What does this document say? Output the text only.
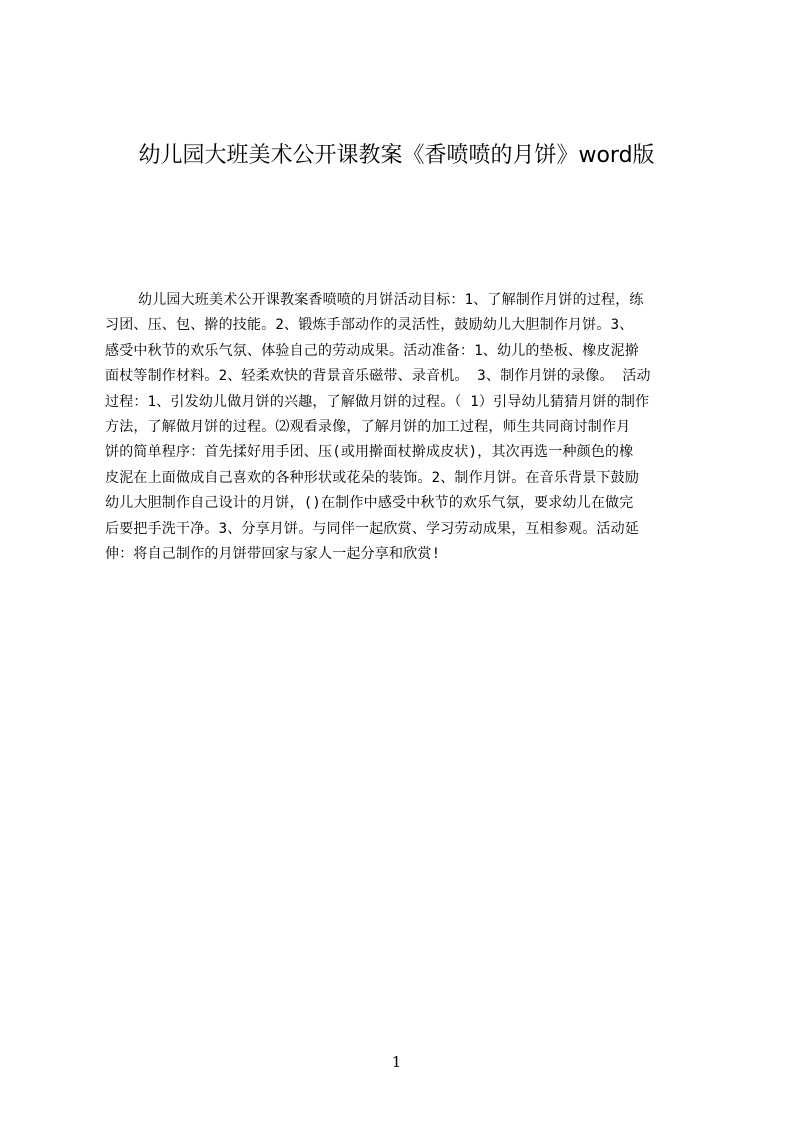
幼儿园大班美术公开课教案《香喷喷的月饼》word版
幼儿园大班美术公开课教案香喷喷的月饼活动目标：1、了解制作月饼的过程，练
习团、压、包、擀的技能。2、锻炼手部动作的灵活性，鼓励幼儿大胆制作月饼。3、
感受中秋节的欢乐气氛、体验自己的劳动成果。活动准备：1、幼儿的垫板、橡皮泥擀
面杖等制作材料。2、轻柔欢快的背景音乐磁带、录音机。 3、制作月饼的录像。 活动
过程：1、引发幼儿做月饼的兴趣，了解做月饼的过程。（ 1）引导幼儿猜猜月饼的制作
方法，了解做月饼的过程。⑵观看录像，了解月饼的加工过程，师生共同商讨制作月
饼的简单程序：首先揉好用手团、压(或用擀面杖擀成皮状)，其次再选一种颜色的橡
皮泥在上面做成自己喜欢的各种形状或花朵的装饰。2、制作月饼。在音乐背景下鼓励
幼儿大胆制作自己设计的月饼，()在制作中感受中秋节的欢乐气氛，要求幼儿在做完
后要把手洗干净。3、分享月饼。与同伴一起欣赏、学习劳动成果，互相参观。活动延
伸：将自己制作的月饼带回家与家人一起分享和欣赏!
1
